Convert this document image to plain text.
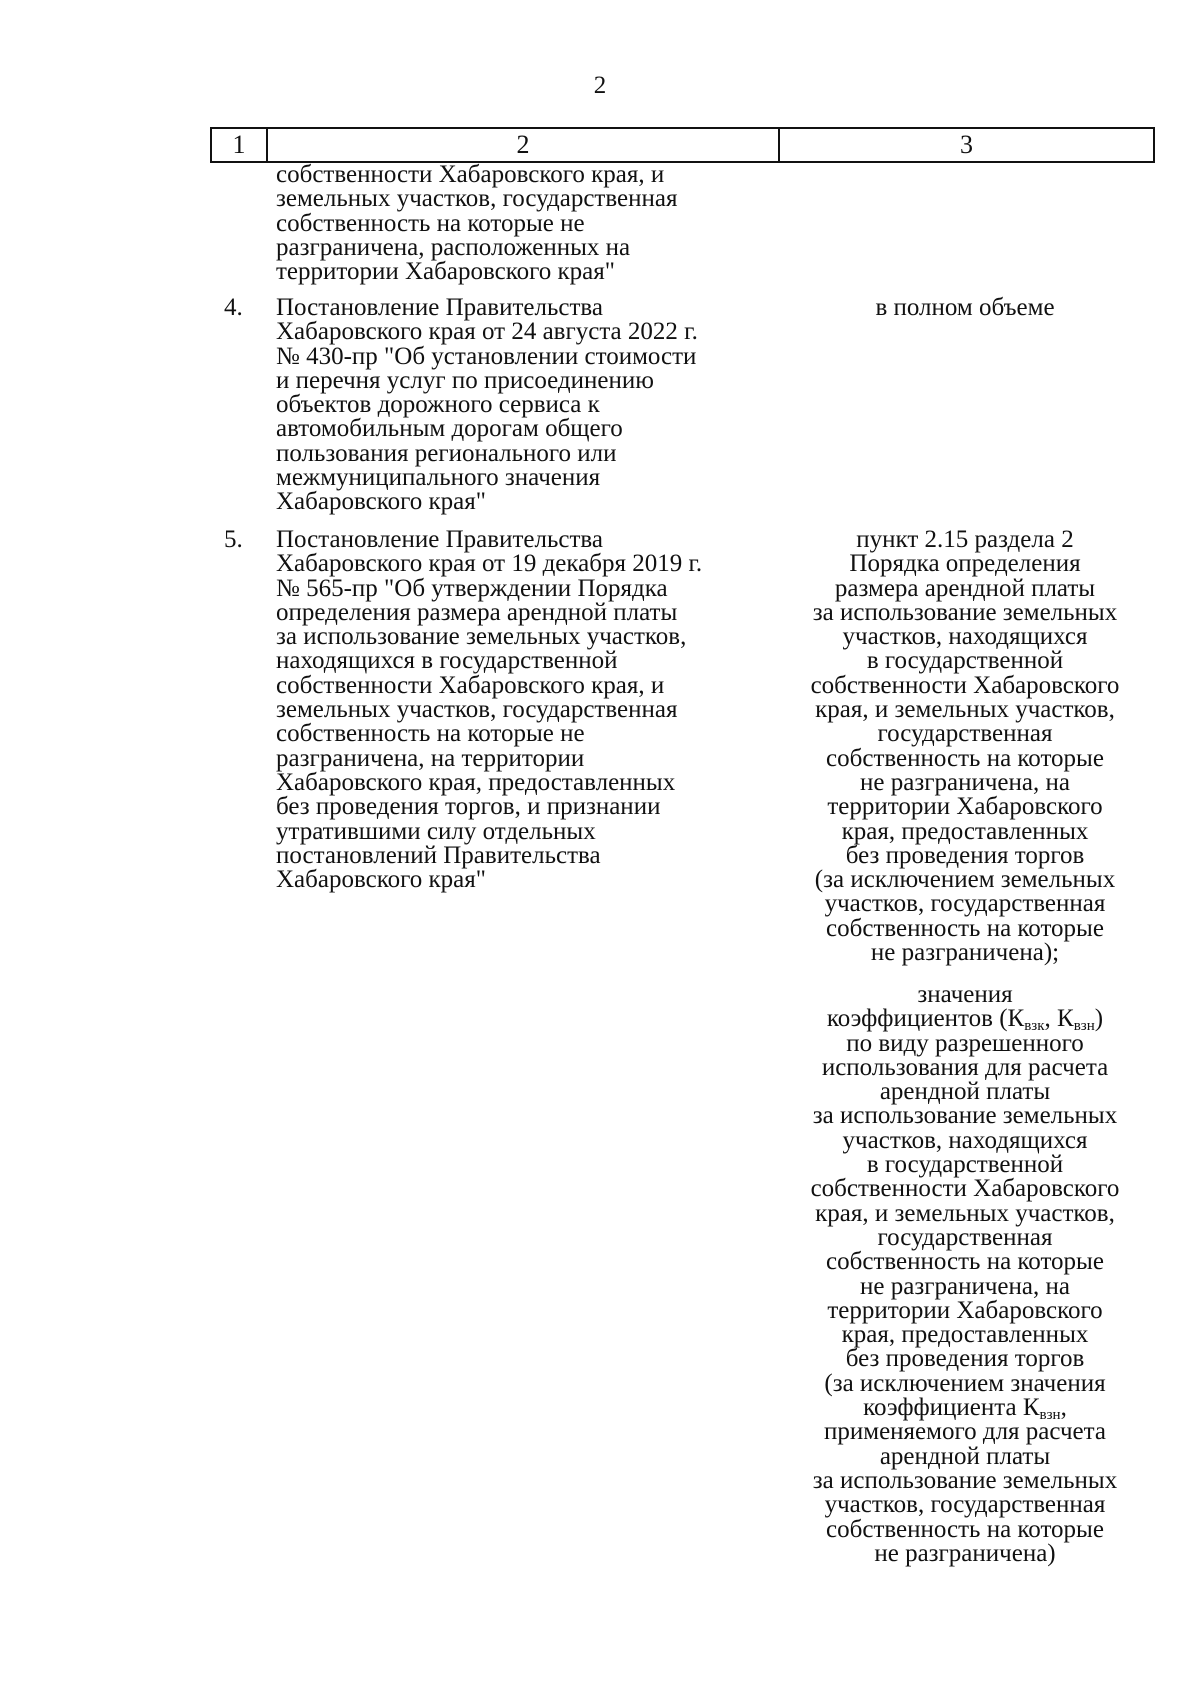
2
1	2	3
собственности Хабаровского края, и
земельных участков, государственная
собственность на которые не
разграничена, расположенных на
территории Хабаровского края"
4. Постановление Правительства
Хабаровского края от 24 августа 2022 г.
№ 430-пр "Об установлении стоимости
и перечня услуг по присоединению
объектов дорожного сервиса к
автомобильным дорогам общего
пользования регионального или
межмуниципального значения
Хабаровского края"
в полном объеме
5. Постановление Правительства
Хабаровского края от 19 декабря 2019 г.
№ 565-пр "Об утверждении Порядка
определения размера арендной платы
за использование земельных участков,
находящихся в государственной
собственности Хабаровского края, и
земельных участков, государственная
собственность на которые не
разграничена, на территории
Хабаровского края, предоставленных
без проведения торгов, и признании
утратившими силу отдельных
постановлений Правительства
Хабаровского края"
пункт 2.15 раздела 2
Порядка определения
размера арендной платы
за использование земельных
участков, находящихся
в государственной
собственности Хабаровского
края, и земельных участков,
государственная
собственность на которые
не разграничена, на
территории Хабаровского
края, предоставленных
без проведения торгов
(за исключением земельных
участков, государственная
собственность на которые
не разграничена);
значения
коэффициентов ($К_{взк}$, $К_{взн}$)
по виду разрешенного
использования для расчета
арендной платы
за использование земельных
участков, находящихся
в государственной
собственности Хабаровского
края, и земельных участков,
государственная
собственность на которые
не разграничена, на
территории Хабаровского
края, предоставленных
без проведения торгов
(за исключением значения
коэффициента $К_{взн}$,
применяемого для расчета
арендной платы
за использование земельных
участков, государственная
собственность на которые
не разграничена)
